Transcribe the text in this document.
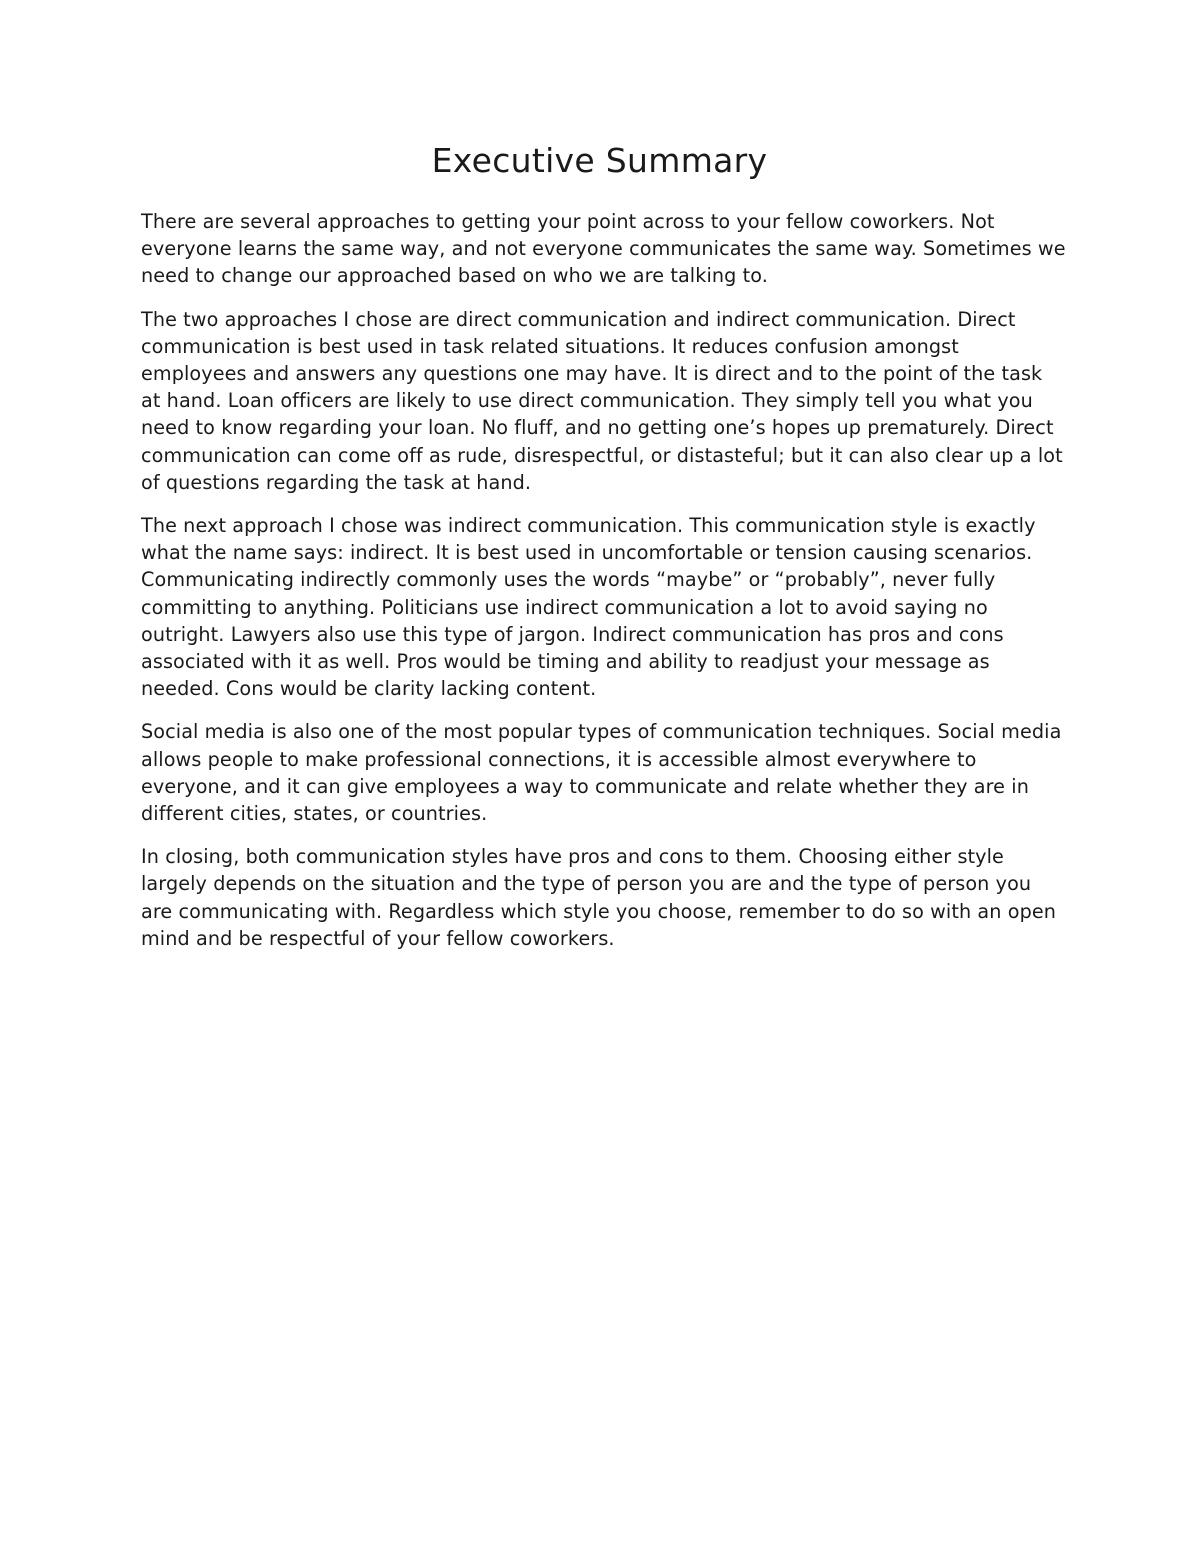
Executive Summary

There are several approaches to getting your point across to your fellow coworkers. Not everyone learns the same way, and not everyone communicates the same way. Sometimes we need to change our approached based on who we are talking to.

The two approaches I chose are direct communication and indirect communication. Direct communication is best used in task related situations. It reduces confusion amongst employees and answers any questions one may have. It is direct and to the point of the task at hand. Loan officers are likely to use direct communication. They simply tell you what you need to know regarding your loan. No fluff, and no getting one’s hopes up prematurely. Direct communication can come off as rude, disrespectful, or distasteful; but it can also clear up a lot of questions regarding the task at hand.

The next approach I chose was indirect communication. This communication style is exactly what the name says: indirect. It is best used in uncomfortable or tension causing scenarios. Communicating indirectly commonly uses the words “maybe” or “probably”, never fully committing to anything. Politicians use indirect communication a lot to avoid saying no outright. Lawyers also use this type of jargon. Indirect communication has pros and cons associated with it as well. Pros would be timing and ability to readjust your message as needed. Cons would be clarity lacking content.

Social media is also one of the most popular types of communication techniques. Social media allows people to make professional connections, it is accessible almost everywhere to everyone, and it can give employees a way to communicate and relate whether they are in different cities, states, or countries.

In closing, both communication styles have pros and cons to them. Choosing either style largely depends on the situation and the type of person you are and the type of person you are communicating with. Regardless which style you choose, remember to do so with an open mind and be respectful of your fellow coworkers.
